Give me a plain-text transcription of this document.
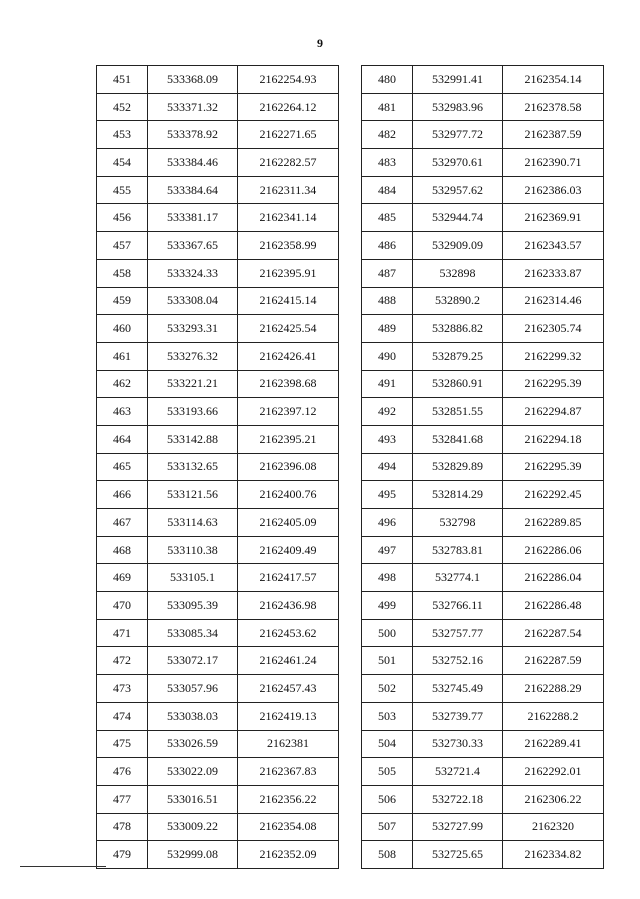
9
451	533368.09	2162254.93
452	533371.32	2162264.12
453	533378.92	2162271.65
454	533384.46	2162282.57
455	533384.64	2162311.34
456	533381.17	2162341.14
457	533367.65	2162358.99
458	533324.33	2162395.91
459	533308.04	2162415.14
460	533293.31	2162425.54
461	533276.32	2162426.41
462	533221.21	2162398.68
463	533193.66	2162397.12
464	533142.88	2162395.21
465	533132.65	2162396.08
466	533121.56	2162400.76
467	533114.63	2162405.09
468	533110.38	2162409.49
469	533105.1	2162417.57
470	533095.39	2162436.98
471	533085.34	2162453.62
472	533072.17	2162461.24
473	533057.96	2162457.43
474	533038.03	2162419.13
475	533026.59	2162381
476	533022.09	2162367.83
477	533016.51	2162356.22
478	533009.22	2162354.08
479	532999.08	2162352.09
480	532991.41	2162354.14
481	532983.96	2162378.58
482	532977.72	2162387.59
483	532970.61	2162390.71
484	532957.62	2162386.03
485	532944.74	2162369.91
486	532909.09	2162343.57
487	532898	2162333.87
488	532890.2	2162314.46
489	532886.82	2162305.74
490	532879.25	2162299.32
491	532860.91	2162295.39
492	532851.55	2162294.87
493	532841.68	2162294.18
494	532829.89	2162295.39
495	532814.29	2162292.45
496	532798	2162289.85
497	532783.81	2162286.06
498	532774.1	2162286.04
499	532766.11	2162286.48
500	532757.77	2162287.54
501	532752.16	2162287.59
502	532745.49	2162288.29
503	532739.77	2162288.2
504	532730.33	2162289.41
505	532721.4	2162292.01
506	532722.18	2162306.22
507	532727.99	2162320
508	532725.65	2162334.82
